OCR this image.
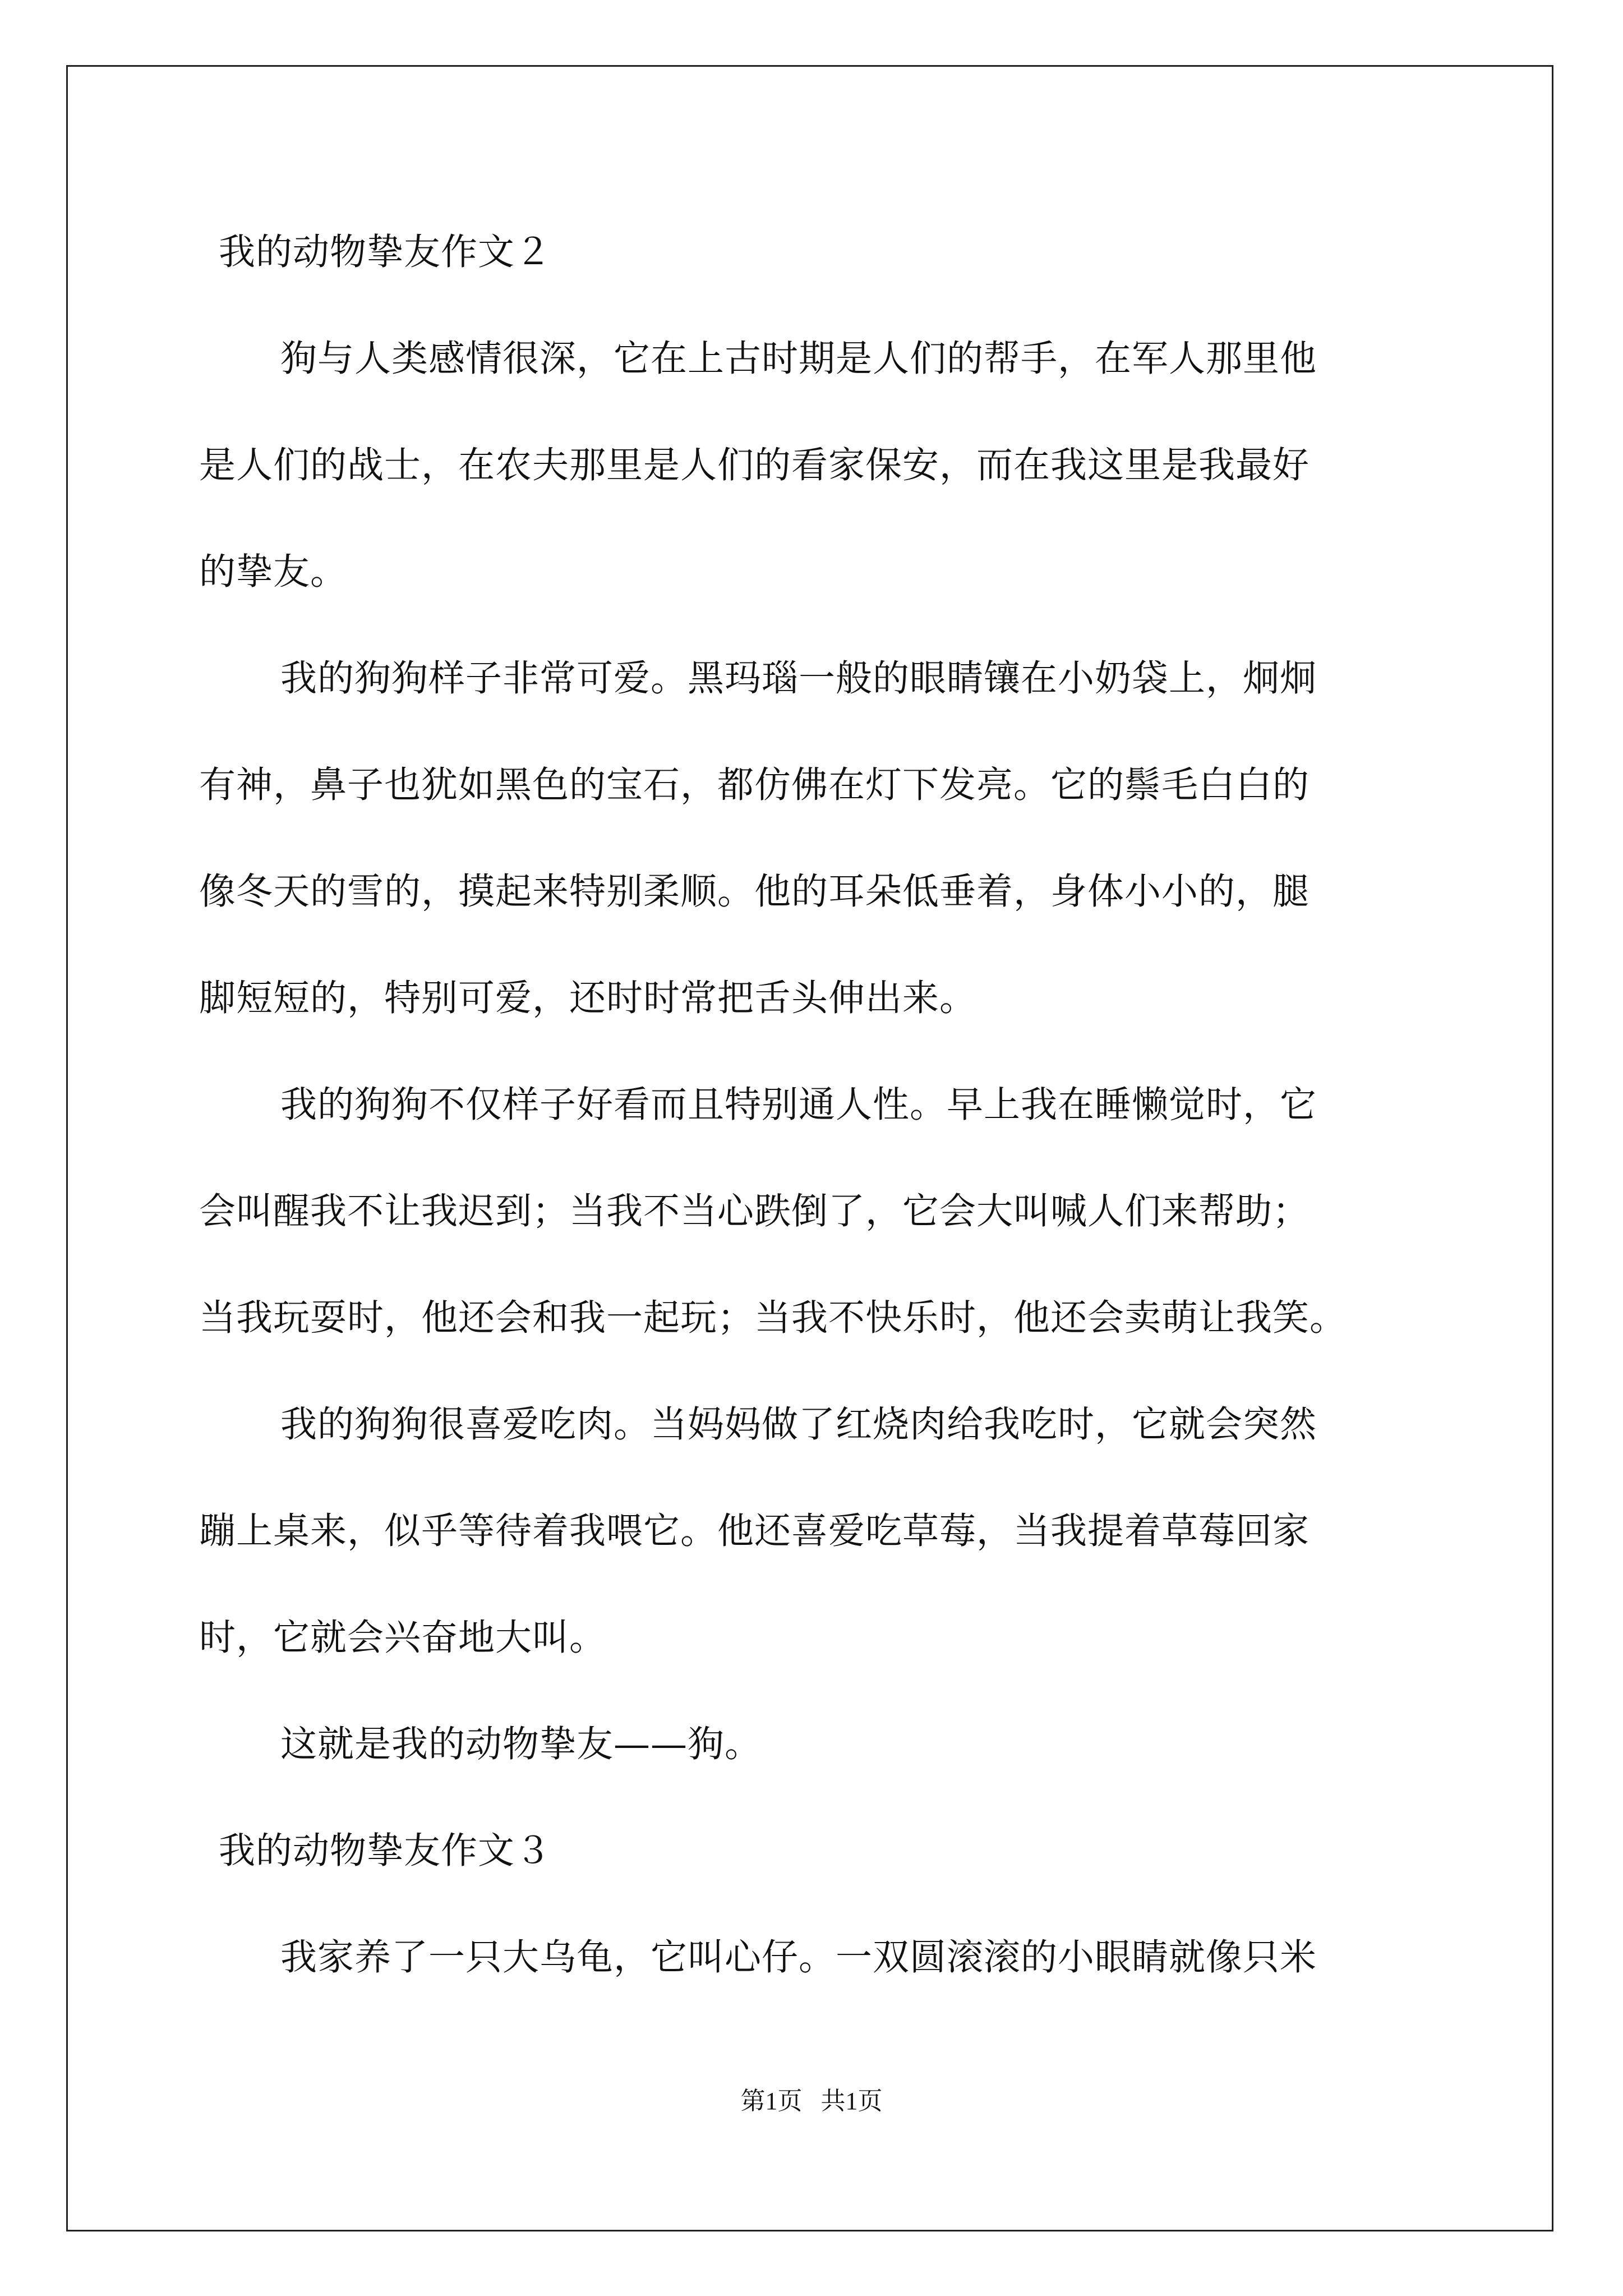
我的动物挚友作文２
狗与人类感情很深，它在上古时期是人们的帮手，在军人那里他
是人们的战士，在农夫那里是人们的看家保安，而在我这里是我最好
的挚友。
我的狗狗样子非常可爱。黑玛瑙一般的眼睛镶在小奶袋上，炯炯
有神，鼻子也犹如黑色的宝石，都仿佛在灯下发亮。它的鬃毛白白的
像冬天的雪的，摸起来特别柔顺。他的耳朵低垂着，身体小小的，腿
脚短短的，特别可爱，还时时常把舌头伸出来。
我的狗狗不仅样子好看而且特别通人性。早上我在睡懒觉时，它
会叫醒我不让我迟到；当我不当心跌倒了，它会大叫喊人们来帮助；
当我玩耍时，他还会和我一起玩；当我不快乐时，他还会卖萌让我笑。
我的狗狗很喜爱吃肉。当妈妈做了红烧肉给我吃时，它就会突然
蹦上桌来，似乎等待着我喂它。他还喜爱吃草莓，当我提着草莓回家
时，它就会兴奋地大叫。
这就是我的动物挚友——狗。
我的动物挚友作文３
我家养了一只大乌龟，它叫心仔。一双圆滚滚的小眼睛就像只米
第1页   共1页
